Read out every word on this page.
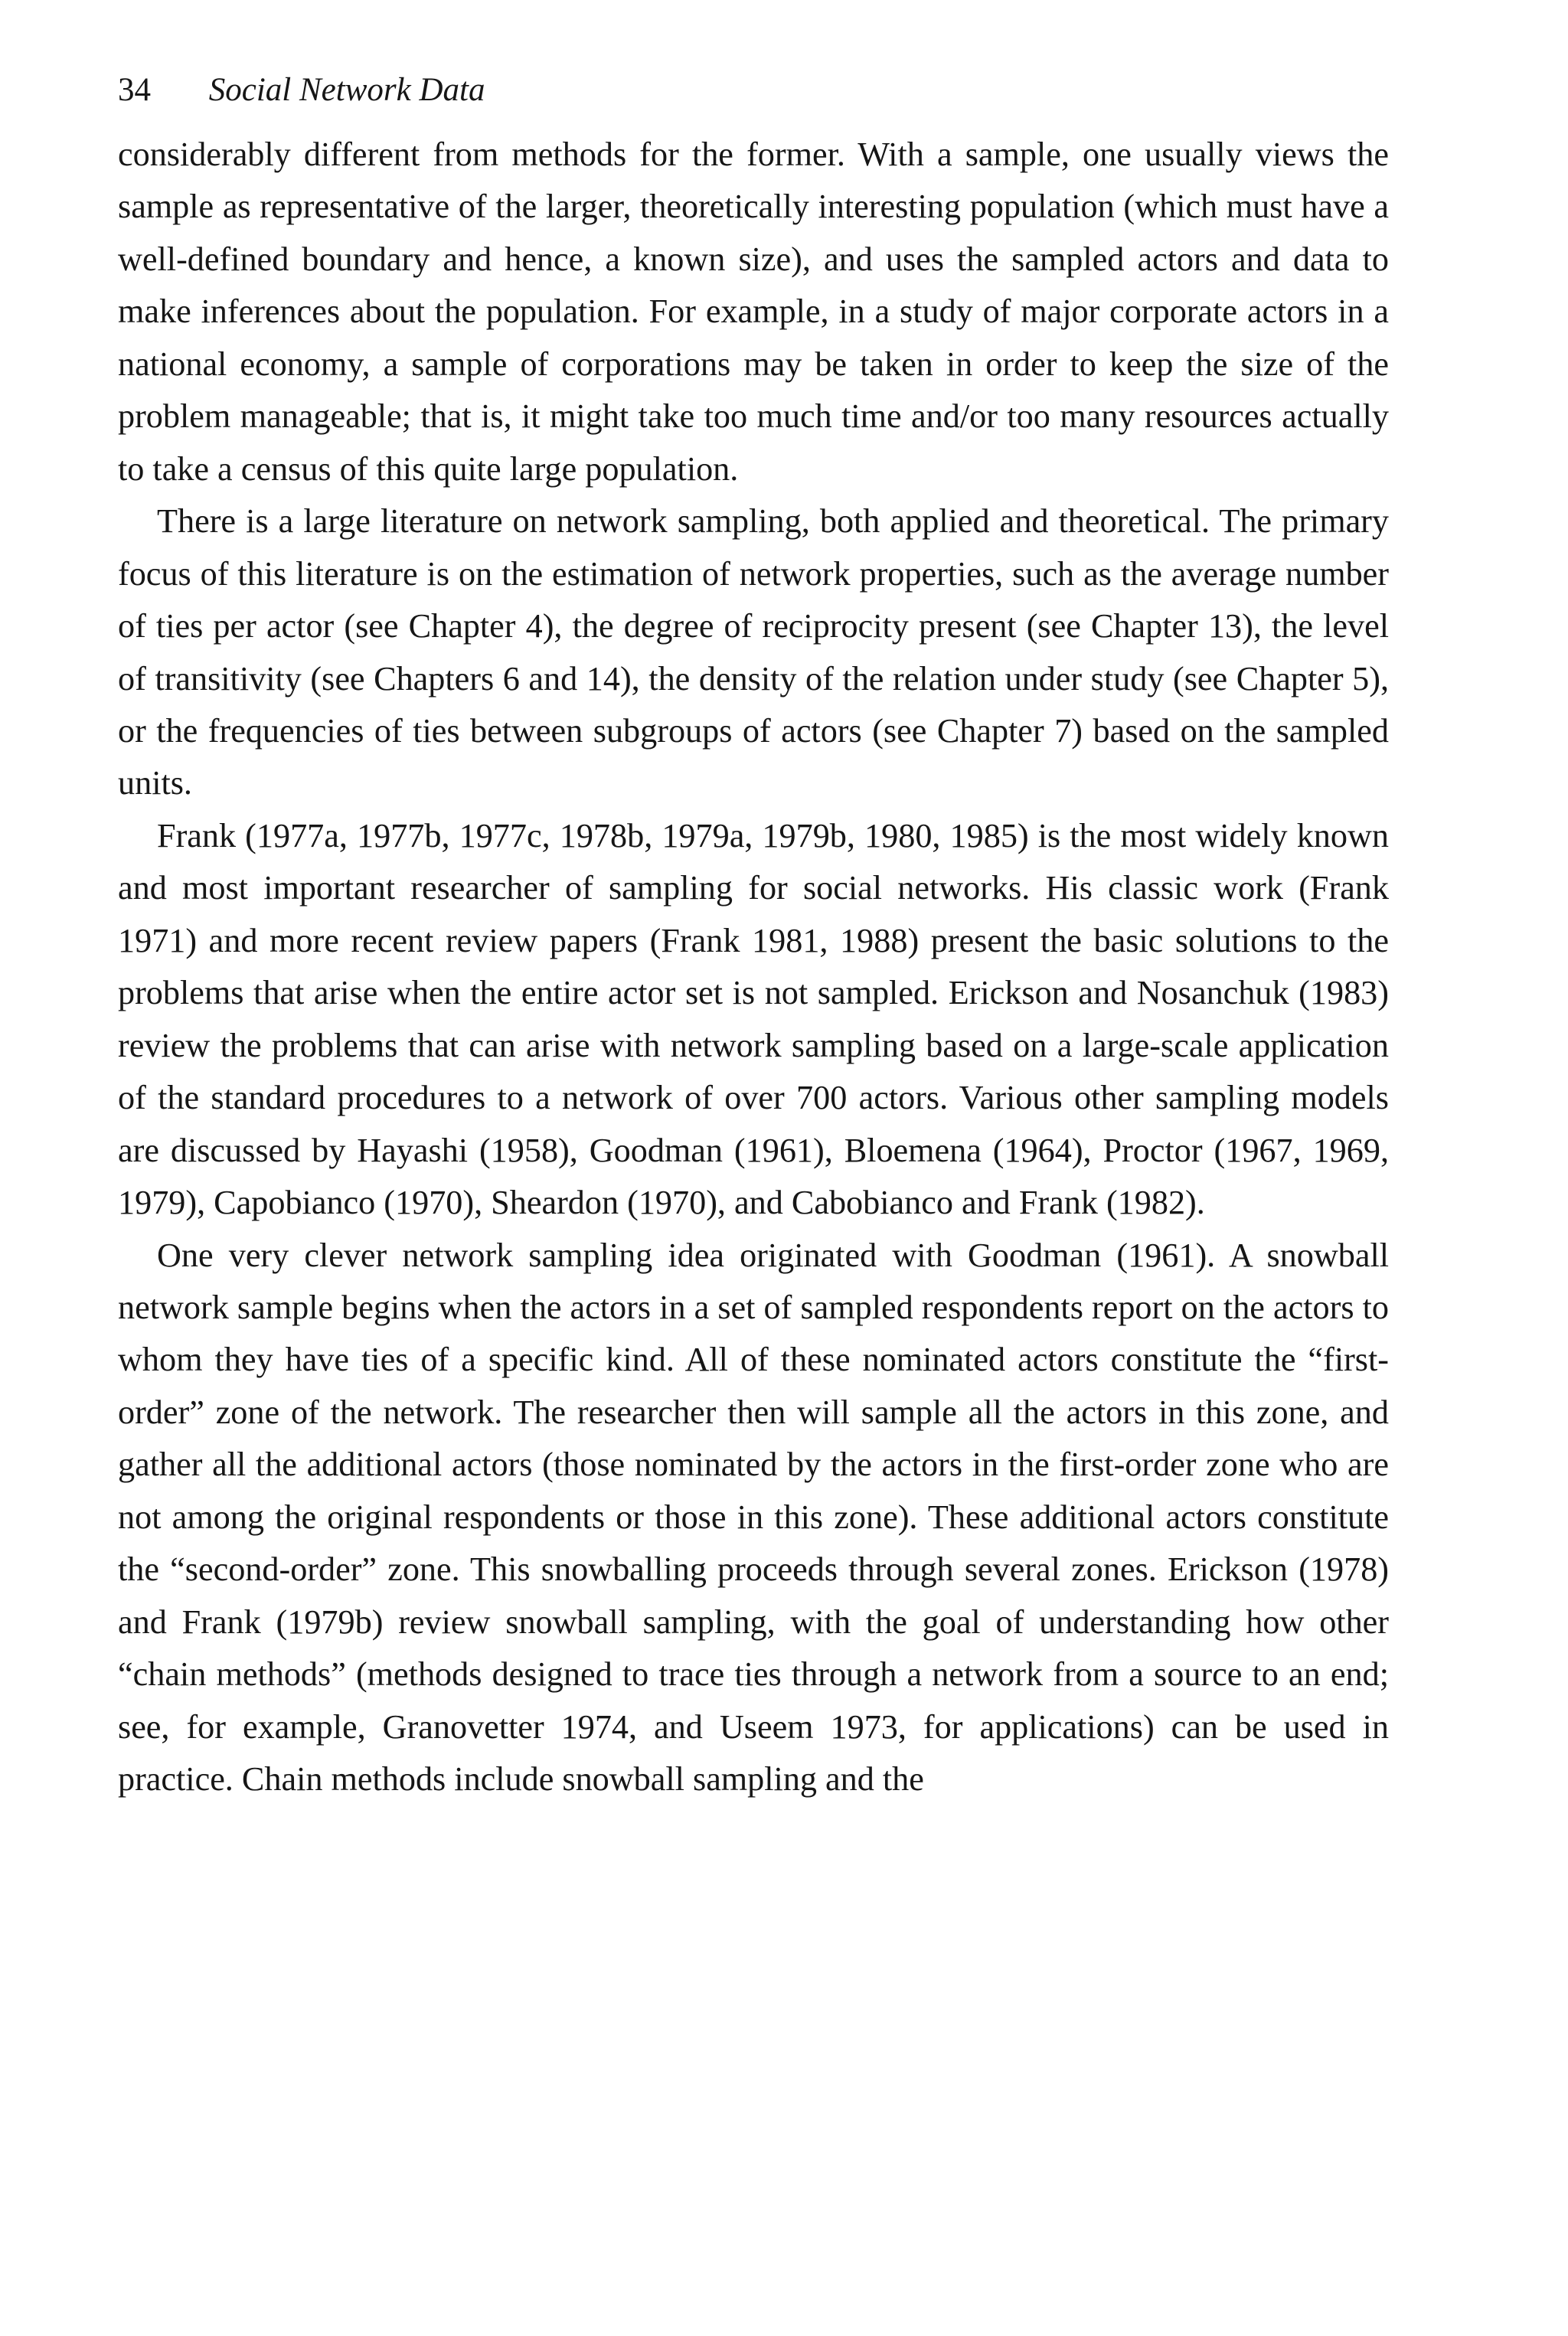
34 Social Network Data

considerably different from methods for the former. With a sample, one usually views the sample as representative of the larger, theoretically interesting population (which must have a well-defined boundary and hence, a known size), and uses the sampled actors and data to make inferences about the population. For example, in a study of major corporate actors in a national economy, a sample of corporations may be taken in order to keep the size of the problem manageable; that is, it might take too much time and/or too many resources actually to take a census of this quite large population.

There is a large literature on network sampling, both applied and theoretical. The primary focus of this literature is on the estimation of network properties, such as the average number of ties per actor (see Chapter 4), the degree of reciprocity present (see Chapter 13), the level of transitivity (see Chapters 6 and 14), the density of the relation under study (see Chapter 5), or the frequencies of ties between subgroups of actors (see Chapter 7) based on the sampled units.

Frank (1977a, 1977b, 1977c, 1978b, 1979a, 1979b, 1980, 1985) is the most widely known and most important researcher of sampling for social networks. His classic work (Frank 1971) and more recent review papers (Frank 1981, 1988) present the basic solutions to the problems that arise when the entire actor set is not sampled. Erickson and Nosanchuk (1983) review the problems that can arise with network sampling based on a large-scale application of the standard procedures to a network of over 700 actors. Various other sampling models are discussed by Hayashi (1958), Goodman (1961), Bloemena (1964), Proctor (1967, 1969, 1979), Capobianco (1970), Sheardon (1970), and Cabobianco and Frank (1982).

One very clever network sampling idea originated with Goodman (1961). A snowball network sample begins when the actors in a set of sampled respondents report on the actors to whom they have ties of a specific kind. All of these nominated actors constitute the “first-order” zone of the network. The researcher then will sample all the actors in this zone, and gather all the additional actors (those nominated by the actors in the first-order zone who are not among the original respondents or those in this zone). These additional actors constitute the “second-order” zone. This snowballing proceeds through several zones. Erickson (1978) and Frank (1979b) review snowball sampling, with the goal of understanding how other “chain methods” (methods designed to trace ties through a network from a source to an end; see, for example, Granovetter 1974, and Useem 1973, for applications) can be used in practice. Chain methods include snowball sampling and the
